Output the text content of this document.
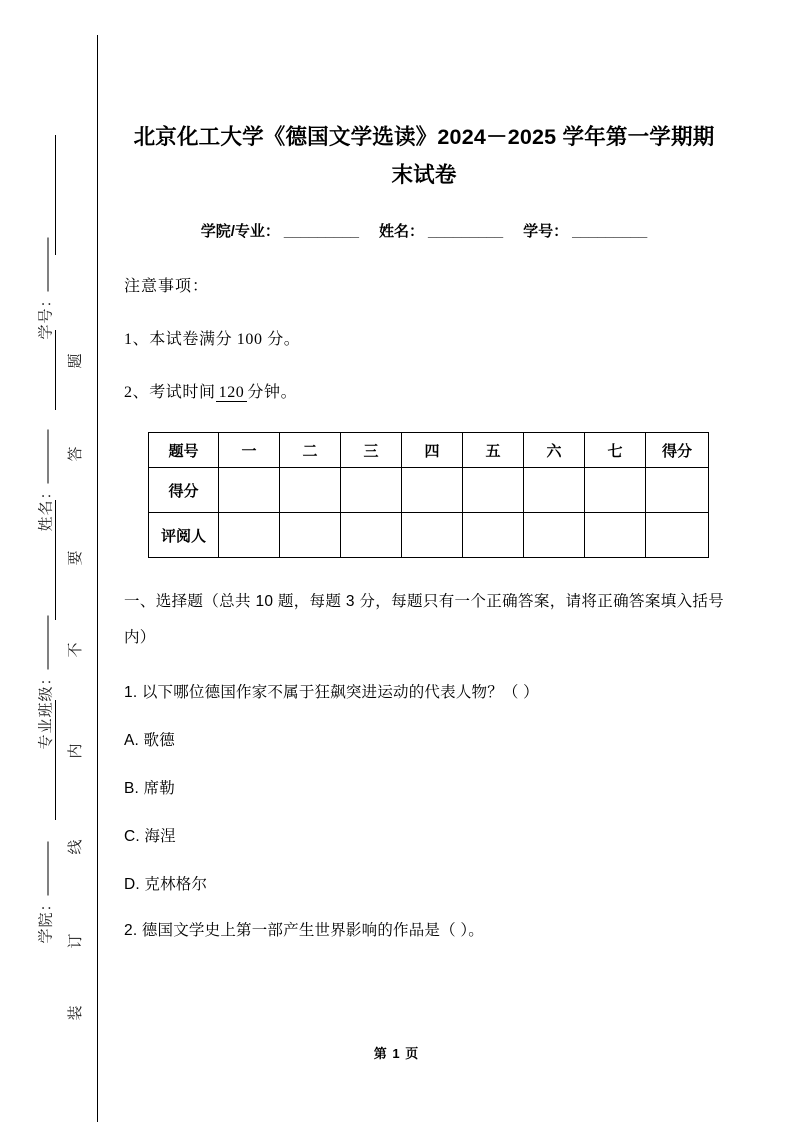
学号：
姓名：
专业班级：
学院：
题
答
要
不
内
线
订
装
北京化工大学《德国文学选读》2024－2025 学年第一学期期末试卷
学院/专业： _________ 姓名： _________ 学号： _________

注意事项：

1、本试卷满分 100 分。

2、考试时间 120 分钟。

题号	一	二	三	四	五	六	七	得分
得分								
评阅人								

一、选择题（总共 10 题，每题 3 分，每题只有一个正确答案，请将正确答案填入括号内）

1. 以下哪位德国作家不属于狂飙突进运动的代表人物？（ ）

A. 歌德

B. 席勒

C. 海涅

D. 克林格尔

2. 德国文学史上第一部产生世界影响的作品是（ ）。

第 1 页
